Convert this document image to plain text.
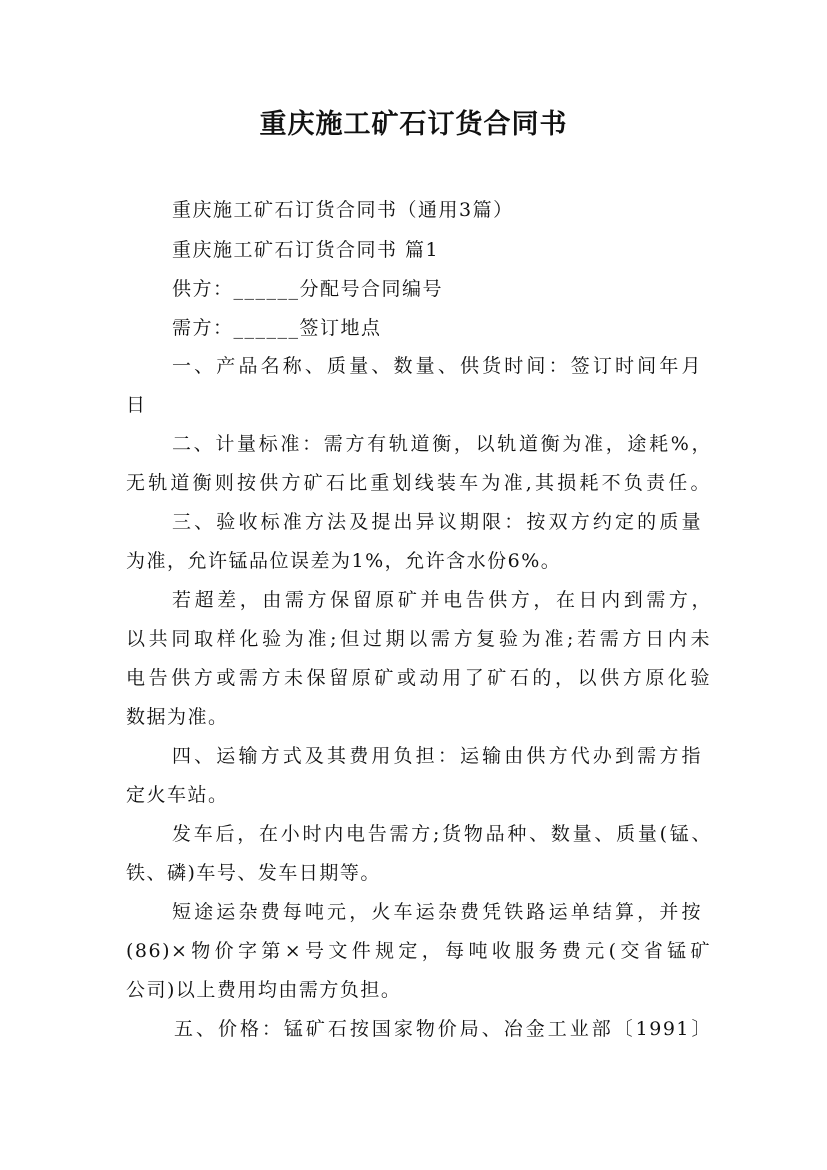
重庆施工矿石订货合同书
重庆施工矿石订货合同书（通用3篇）
重庆施工矿石订货合同书 篇1
供方：______分配号合同编号
需方：______签订地点
一、产品名称、质量、数量、供货时间：签订时间年月
日
二、计量标准：需方有轨道衡，以轨道衡为准，途耗%，
无轨道衡则按供方矿石比重划线装车为准,其损耗不负责任。
三、验收标准方法及提出异议期限：按双方约定的质量
为准，允许锰品位误差为1%，允许含水份6%。
若超差，由需方保留原矿并电告供方，在日内到需方，
以共同取样化验为准;但过期以需方复验为准;若需方日内未
电告供方或需方未保留原矿或动用了矿石的，以供方原化验
数据为准。
四、运输方式及其费用负担：运输由供方代办到需方指
定火车站。
发车后，在小时内电告需方;货物品种、数量、质量(锰、
铁、磷)车号、发车日期等。
短途运杂费每吨元，火车运杂费凭铁路运单结算，并按
(86)×物价字第×号文件规定，每吨收服务费元(交省锰矿
公司)以上费用均由需方负担。
五、价格：锰矿石按国家物价局、冶金工业部〔1991〕
